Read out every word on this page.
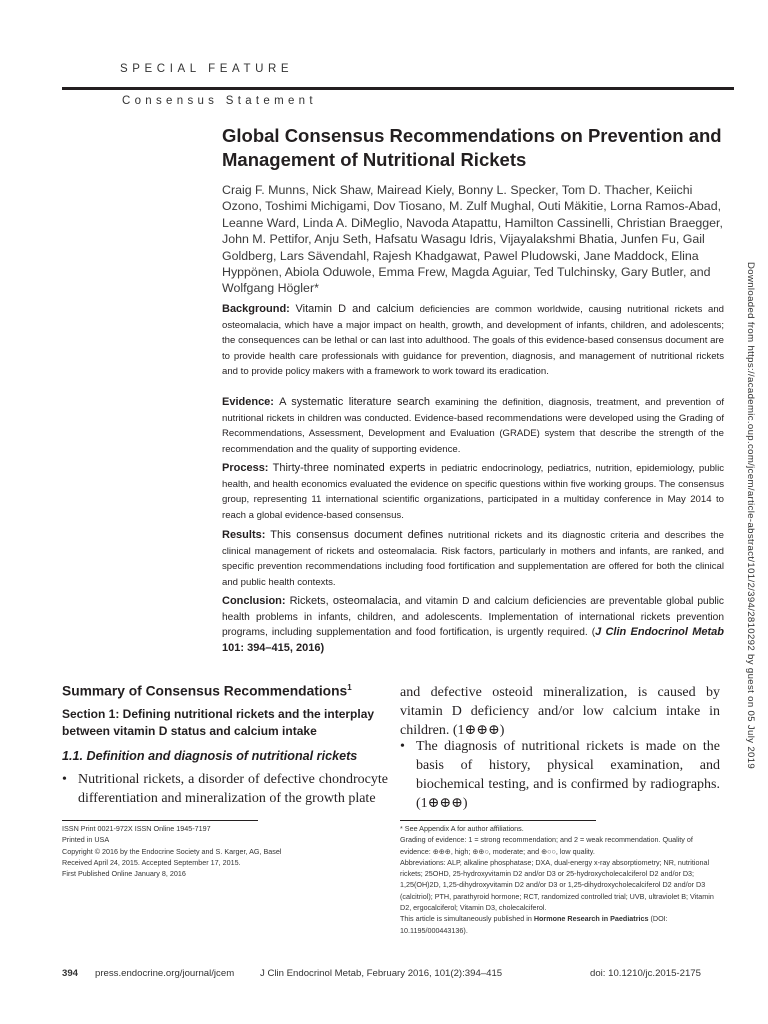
SPECIAL FEATURE
Consensus Statement
Global Consensus Recommendations on Prevention and Management of Nutritional Rickets
Craig F. Munns, Nick Shaw, Mairead Kiely, Bonny L. Specker, Tom D. Thacher, Keiichi Ozono, Toshimi Michigami, Dov Tiosano, M. Zulf Mughal, Outi Mäkitie, Lorna Ramos-Abad, Leanne Ward, Linda A. DiMeglio, Navoda Atapattu, Hamilton Cassinelli, Christian Braegger, John M. Pettifor, Anju Seth, Hafsatu Wasagu Idris, Vijayalakshmi Bhatia, Junfen Fu, Gail Goldberg, Lars Sävendahl, Rajesh Khadgawat, Pawel Pludowski, Jane Maddock, Elina Hyppönen, Abiola Oduwole, Emma Frew, Magda Aguiar, Ted Tulchinsky, Gary Butler, and Wolfgang Högler*
Background: Vitamin D and calcium deficiencies are common worldwide, causing nutritional rickets and osteomalacia, which have a major impact on health, growth, and development of infants, children, and adolescents; the consequences can be lethal or can last into adulthood. The goals of this evidence-based consensus document are to provide health care professionals with guidance for prevention, diagnosis, and management of nutritional rickets and to provide policy makers with a framework to work toward its eradication.
Evidence: A systematic literature search examining the definition, diagnosis, treatment, and prevention of nutritional rickets in children was conducted. Evidence-based recommendations were developed using the Grading of Recommendations, Assessment, Development and Evaluation (GRADE) system that describe the strength of the recommendation and the quality of supporting evidence.
Process: Thirty-three nominated experts in pediatric endocrinology, pediatrics, nutrition, epidemiology, public health, and health economics evaluated the evidence on specific questions within five working groups. The consensus group, representing 11 international scientific organizations, participated in a multiday conference in May 2014 to reach a global evidence-based consensus.
Results: This consensus document defines nutritional rickets and its diagnostic criteria and describes the clinical management of rickets and osteomalacia. Risk factors, particularly in mothers and infants, are ranked, and specific prevention recommendations including food fortification and supplementation are offered for both the clinical and public health contexts.
Conclusion: Rickets, osteomalacia, and vitamin D and calcium deficiencies are preventable global public health problems in infants, children, and adolescents. Implementation of international rickets prevention programs, including supplementation and food fortification, is urgently required. (J Clin Endocrinol Metab 101: 394–415, 2016)	Downloaded from https://academic.oup.com/jcem/article-abstract/101/2/394/2810292 by guest on 05 July 2019
Summary of Consensus Recommendations$^1$
Section 1: Defining nutritional rickets and the interplay between vitamin D status and calcium intake
1.1. Definition and diagnosis of nutritional rickets
• Nutritional rickets, a disorder of defective chondrocyte differentiation and mineralization of the growth plate
and defective osteoid mineralization, is caused by vitamin D deficiency and/or low calcium intake in children. (1⊕⊕⊕)
• The diagnosis of nutritional rickets is made on the basis of history, physical examination, and biochemical testing, and is confirmed by radiographs. (1⊕⊕⊕)
ISSN Print 0021-972X ISSN Online 1945-7197
Printed in USA
Copyright © 2016 by the Endocrine Society and S. Karger, AG, Basel
Received April 24, 2015. Accepted September 17, 2015.
First Published Online January 8, 2016
* See Appendix A for author affiliations.
Grading of evidence: 1 = strong recommendation; and 2 = weak recommendation. Quality of evidence: ⊕⊕⊕, high; ⊕⊕○, moderate; and ⊕○○, low quality.
Abbreviations: ALP, alkaline phosphatase; DXA, dual-energy x-ray absorptiometry; NR, nutritional rickets; 25OHD, 25-hydroxyvitamin D2 and/or D3 or 25-hydroxycholecalciferol D2 and/or D3; 1,25(OH)2D, 1,25-dihydroxyvitamin D2 and/or D3 or 1,25-dihydroxycholecalciferol D2 and/or D3 (calcitriol); PTH, parathyroid hormone; RCT, randomized controlled trial; UVB, ultraviolet B; Vitamin D2, ergocalciferol; Vitamin D3, cholecalciferol.
This article is simultaneously published in Hormone Research in Paediatrics (DOI: 10.1195/000443136).
394 press.endocrine.org/journal/jcem	J Clin Endocrinol Metab, February 2016, 101(2):394–415	doi: 10.1210/jc.2015-2175
